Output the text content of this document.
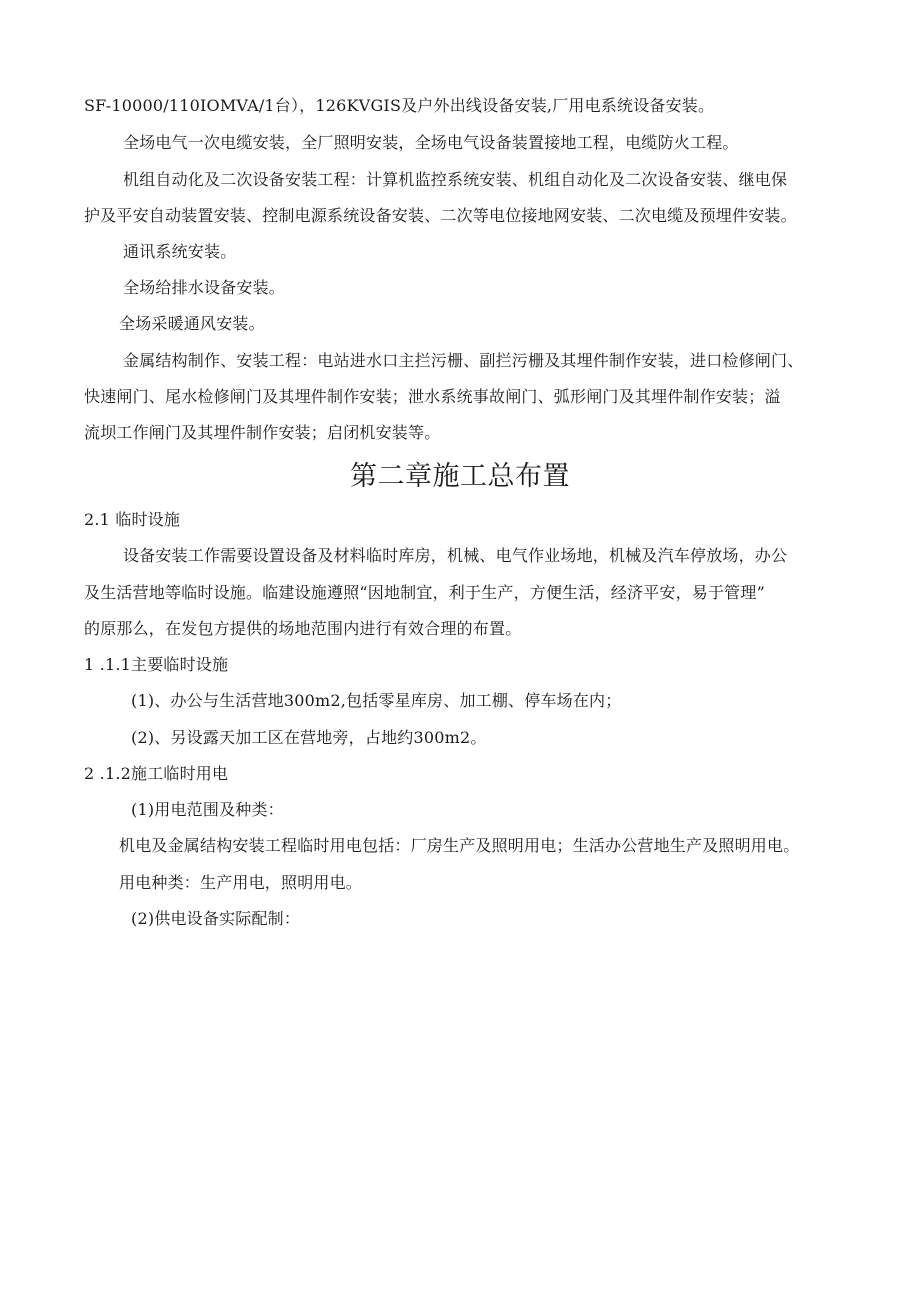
SF-10000/110IOMVA/1台），126KVGIS及户外出线设备安装,厂用电系统设备安装。
全场电气一次电缆安装，全厂照明安装，全场电气设备装置接地工程，电缆防火工程。
机组自动化及二次设备安装工程：计算机监控系统安装、机组自动化及二次设备安装、继电保
护及平安自动装置安装、控制电源系统设备安装、二次等电位接地网安装、二次电缆及预埋件安装。
通讯系统安装。
全场给排水设备安装。
全场采暖通风安装。
金属结构制作、安装工程：电站进水口主拦污栅、副拦污栅及其埋件制作安装，进口检修闸门、
快速闸门、尾水检修闸门及其埋件制作安装；泄水系统事故闸门、弧形闸门及其埋件制作安装；溢
流坝工作闸门及其埋件制作安装；启闭机安装等。
第二章施工总布置
2.1 临时设施
设备安装工作需要设置设备及材料临时库房，机械、电气作业场地，机械及汽车停放场，办公
及生活营地等临时设施。临建设施遵照“因地制宜，利于生产，方便生活，经济平安，易于管理”
的原那么，在发包方提供的场地范围内进行有效合理的布置。
1 .1.1主要临时设施
(1)、办公与生活营地300m2,包括零星库房、加工棚、停车场在内；
(2)、另设露天加工区在营地旁，占地约300m2。
2 .1.2施工临时用电
(1)用电范围及种类：
机电及金属结构安装工程临时用电包括：厂房生产及照明用电；生活办公营地生产及照明用电。
用电种类：生产用电，照明用电。
(2)供电设备实际配制：
